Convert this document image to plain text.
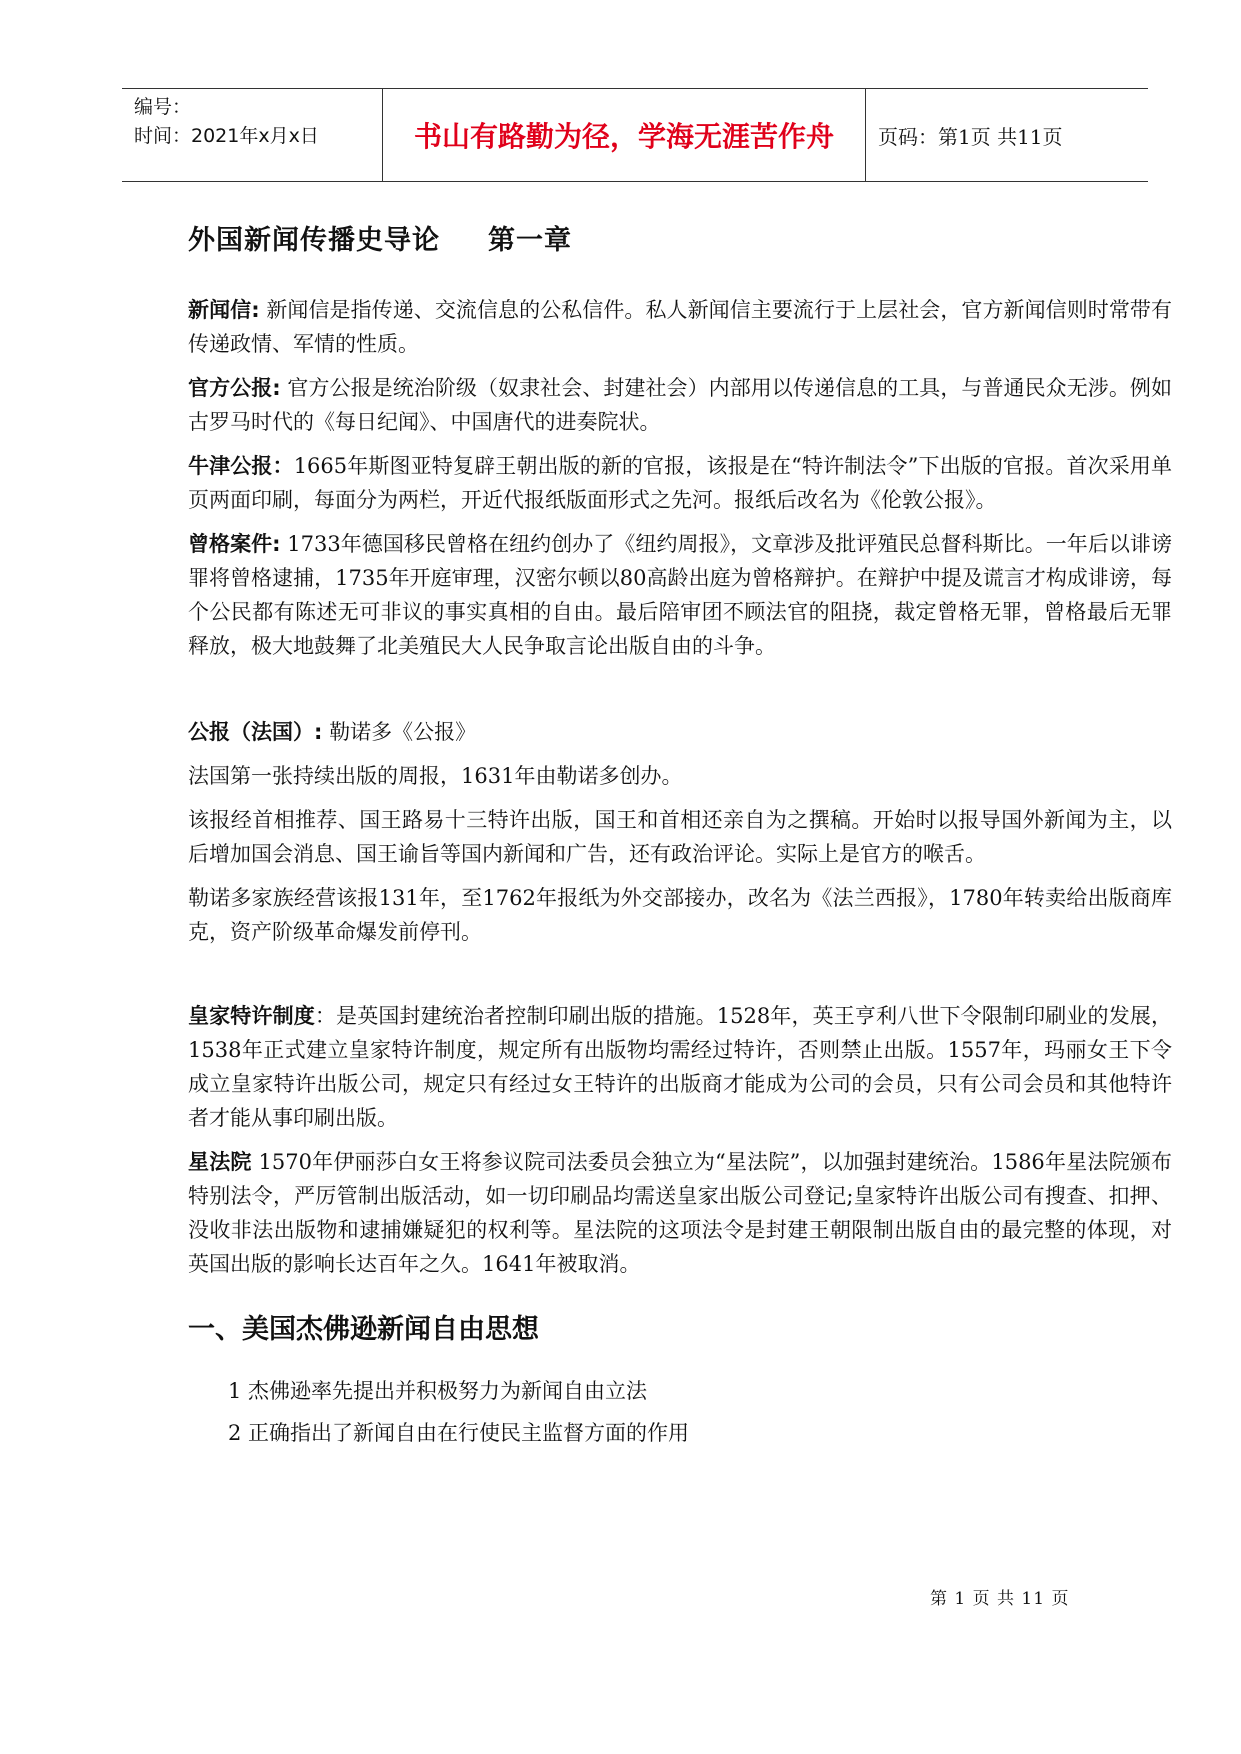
编号：
时间：2021年x月x日	书山有路勤为径，学海无涯苦作舟	页码：第1页 共11页
外国新闻传播史导论 第一章

新闻信: 新闻信是指传递、交流信息的公私信件。私人新闻信主要流行于上层社会，官方新闻信则时常带有传递政情、军情的性质。

官方公报: 官方公报是统治阶级（奴隶社会、封建社会）内部用以传递信息的工具，与普通民众无涉。例如古罗马时代的《每日纪闻》、中国唐代的进奏院状。

牛津公报：1665年斯图亚特复辟王朝出版的新的官报，该报是在“特许制法令”下出版的官报。首次采用单页两面印刷，每面分为两栏，开近代报纸版面形式之先河。报纸后改名为《伦敦公报》。

曾格案件: 1733年德国移民曾格在纽约创办了《纽约周报》，文章涉及批评殖民总督科斯比。一年后以诽谤罪将曾格逮捕，1735年开庭审理，汉密尔顿以80高龄出庭为曾格辩护。在辩护中提及谎言才构成诽谤，每个公民都有陈述无可非议的事实真相的自由。最后陪审团不顾法官的阻挠，裁定曾格无罪，曾格最后无罪释放，极大地鼓舞了北美殖民大人民争取言论出版自由的斗争。

公报（法国）: 勒诺多《公报》

法国第一张持续出版的周报，1631年由勒诺多创办。

该报经首相推荐、国王路易十三特许出版，国王和首相还亲自为之撰稿。开始时以报导国外新闻为主，以后增加国会消息、国王谕旨等国内新闻和广告，还有政治评论。实际上是官方的喉舌。

勒诺多家族经营该报131年，至1762年报纸为外交部接办，改名为《法兰西报》，1780年转卖给出版商库克，资产阶级革命爆发前停刊。

皇家特许制度：是英国封建统治者控制印刷出版的措施。1528年，英王亨利八世下令限制印刷业的发展，1538年正式建立皇家特许制度，规定所有出版物均需经过特许，否则禁止出版。1557年，玛丽女王下令成立皇家特许出版公司，规定只有经过女王特许的出版商才能成为公司的会员，只有公司会员和其他特许者才能从事印刷出版。

星法院 1570年伊丽莎白女王将参议院司法委员会独立为“星法院”，以加强封建统治。1586年星法院颁布特别法令，严厉管制出版活动，如一切印刷品均需送皇家出版公司登记;皇家特许出版公司有搜查、扣押、没收非法出版物和逮捕嫌疑犯的权利等。星法院的这项法令是封建王朝限制出版自由的最完整的体现，对英国出版的影响长达百年之久。1641年被取消。

一、美国杰佛逊新闻自由思想
1 杰佛逊率先提出并积极努力为新闻自由立法
2 正确指出了新闻自由在行使民主监督方面的作用
第 1 页 共 11 页
